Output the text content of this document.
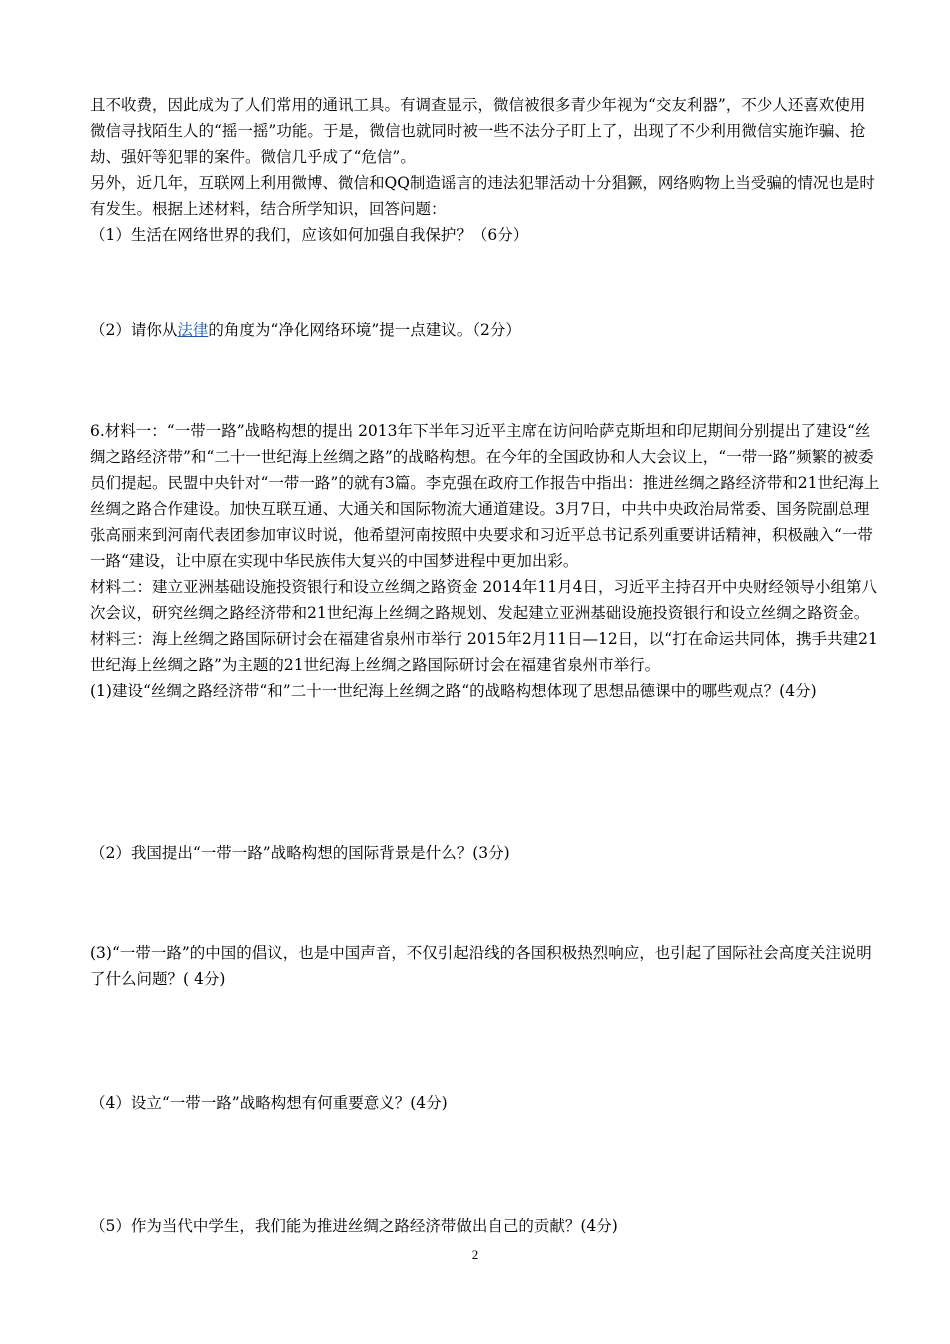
且不收费，因此成为了人们常用的通讯工具。有调查显示，微信被很多青少年视为“交友利器”，不少人还喜欢使用微信寻找陌生人的“摇一摇”功能。于是，微信也就同时被一些不法分子盯上了，出现了不少利用微信实施诈骗、抢劫、强奸等犯罪的案件。微信几乎成了“危信”。

另外，近几年，互联网上利用微博、微信和QQ制造谣言的违法犯罪活动十分猖獗，网络购物上当受骗的情况也是时有发生。根据上述材料，结合所学知识，回答问题：

（1）生活在网络世界的我们，应该如何加强自我保护？（6分）

（2）请你从法律的角度为“净化网络环境”提一点建议。（2分）

6.材料一：“一带一路”战略构想的提出 2013年下半年习近平主席在访问哈萨克斯坦和印尼期间分别提出了建设“丝绸之路经济带”和“二十一世纪海上丝绸之路”的战略构想。在今年的全国政协和人大会议上，“一带一路”频繁的被委员们提起。民盟中央针对“一带一路”的就有3篇。李克强在政府工作报告中指出：推进丝绸之路经济带和21世纪海上丝绸之路合作建设。加快互联互通、大通关和国际物流大通道建设。3月7日，中共中央政治局常委、国务院副总理张高丽来到河南代表团参加审议时说，他希望河南按照中央要求和习近平总书记系列重要讲话精神，积极融入“一带一路“建设，让中原在实现中华民族伟大复兴的中国梦进程中更加出彩。

材料二：建立亚洲基础设施投资银行和设立丝绸之路资金 2014年11月4日，习近平主持召开中央财经领导小组第八次会议，研究丝绸之路经济带和21世纪海上丝绸之路规划、发起建立亚洲基础设施投资银行和设立丝绸之路资金。

材料三：海上丝绸之路国际研讨会在福建省泉州市举行 2015年2月11日—12日，以“打在命运共同体，携手共建21世纪海上丝绸之路”为主题的21世纪海上丝绸之路国际研讨会在福建省泉州市举行。

(1)建设“丝绸之路经济带“和”二十一世纪海上丝绸之路“的战略构想体现了思想品德课中的哪些观点？(4分)

（2）我国提出“一带一路”战略构想的国际背景是什么？(3分)

(3)“一带一路”的中国的倡议，也是中国声音，不仅引起沿线的各国积极热烈响应，也引起了国际社会高度关注说明了什么问题？( 4分)

（4）设立“一带一路”战略构想有何重要意义？(4分)

（5）作为当代中学生，我们能为推进丝绸之路经济带做出自己的贡献？(4分)

2
